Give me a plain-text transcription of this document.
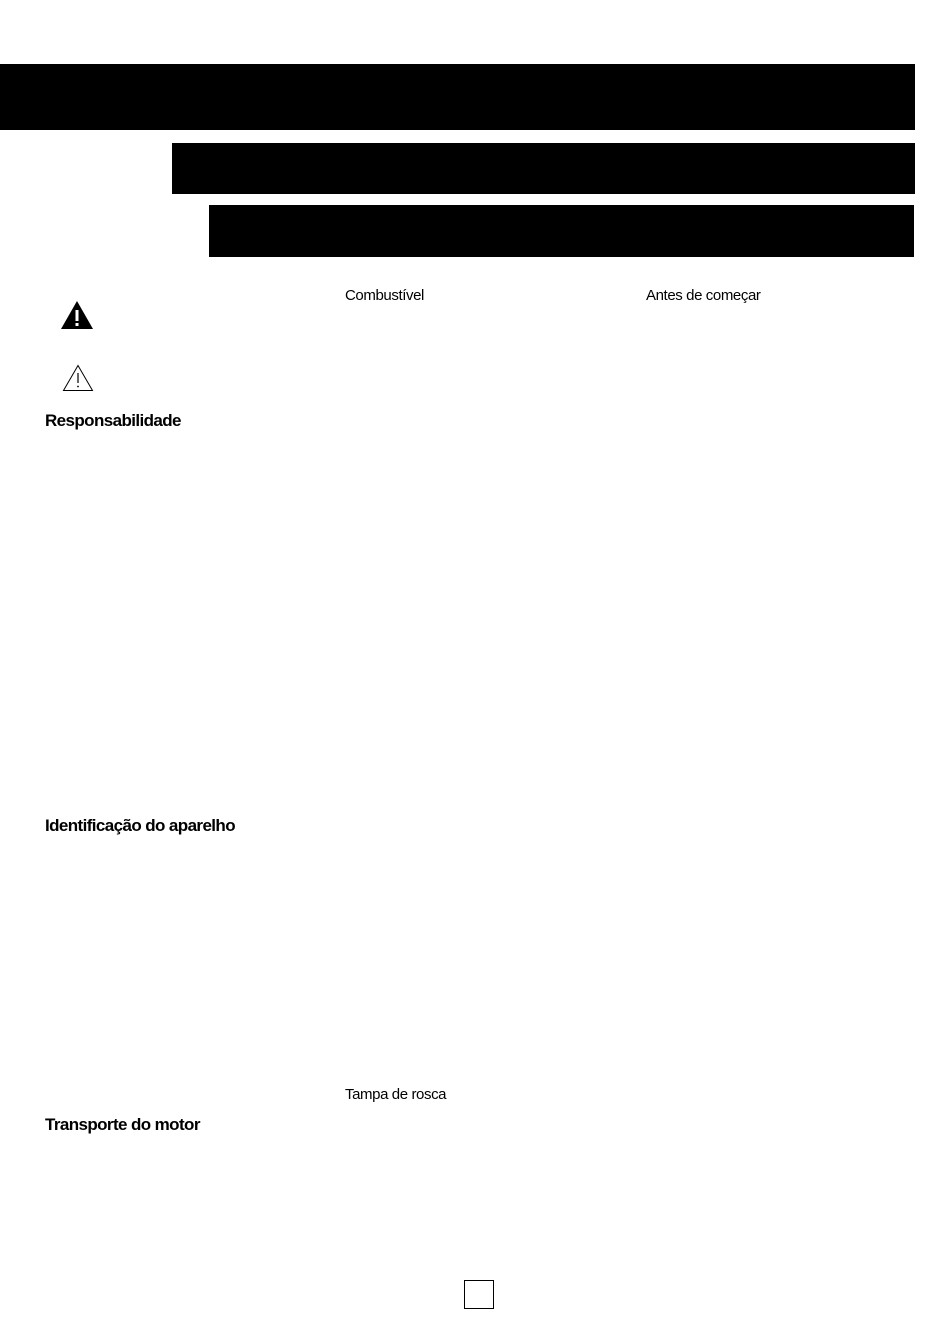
Responsabilidade
Identificação do aparelho
Transporte do motor
Combustível	Antes de começar
Tampa de rosca
